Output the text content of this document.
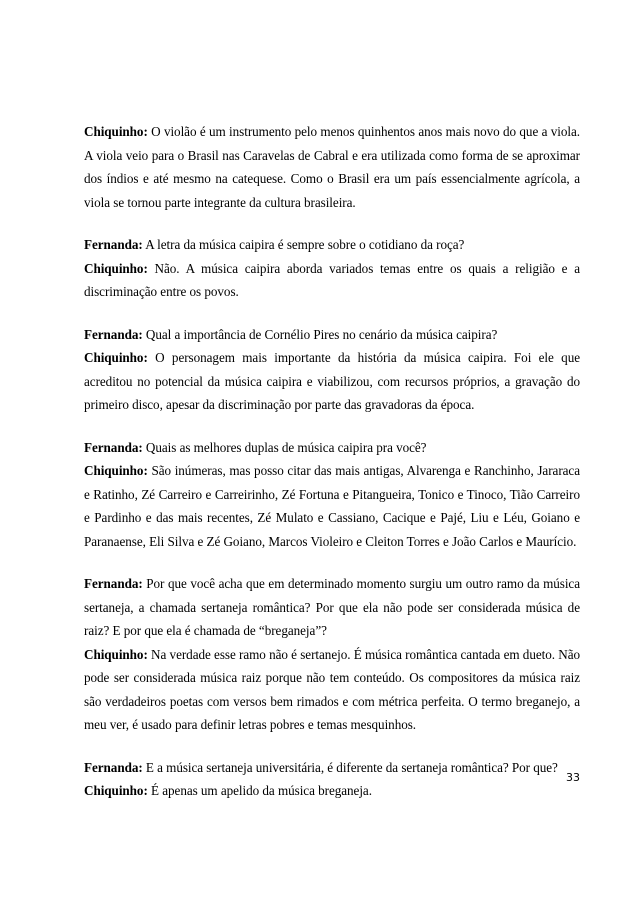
Chiquinho: O violão é um instrumento pelo menos quinhentos anos mais novo do que a viola. A viola veio para o Brasil nas Caravelas de Cabral e era utilizada como forma de se aproximar dos índios e até mesmo na catequese. Como o Brasil era um país essencialmente agrícola, a viola se tornou parte integrante da cultura brasileira.

Fernanda: A letra da música caipira é sempre sobre o cotidiano da roça?

Chiquinho: Não. A música caipira aborda variados temas entre os quais a religião e a discriminação entre os povos.

Fernanda: Qual a importância de Cornélio Pires no cenário da música caipira?

Chiquinho: O personagem mais importante da história da música caipira. Foi ele que acreditou no potencial da música caipira e viabilizou, com recursos próprios, a gravação do primeiro disco, apesar da discriminação por parte das gravadoras da época.

Fernanda: Quais as melhores duplas de música caipira pra você?

Chiquinho: São inúmeras, mas posso citar das mais antigas, Alvarenga e Ranchinho, Jararaca e Ratinho, Zé Carreiro e Carreirinho, Zé Fortuna e Pitangueira, Tonico e Tinoco, Tião Carreiro e Pardinho e das mais recentes, Zé Mulato e Cassiano, Cacique e Pajé, Liu e Léu, Goiano e Paranaense, Eli Silva e Zé Goiano, Marcos Violeiro e Cleiton Torres e João Carlos e Maurício.

Fernanda: Por que você acha que em determinado momento surgiu um outro ramo da música sertaneja, a chamada sertaneja romântica? Por que ela não pode ser considerada música de raiz? E por que ela é chamada de “breganeja”?

Chiquinho: Na verdade esse ramo não é sertanejo. É música romântica cantada em dueto. Não pode ser considerada música raiz porque não tem conteúdo. Os compositores da música raiz são verdadeiros poetas com versos bem rimados e com métrica perfeita. O termo breganejo, a meu ver, é usado para definir letras pobres e temas mesquinhos.

Fernanda: E a música sertaneja universitária, é diferente da sertaneja romântica? Por que?

Chiquinho: É apenas um apelido da música breganeja.

33
